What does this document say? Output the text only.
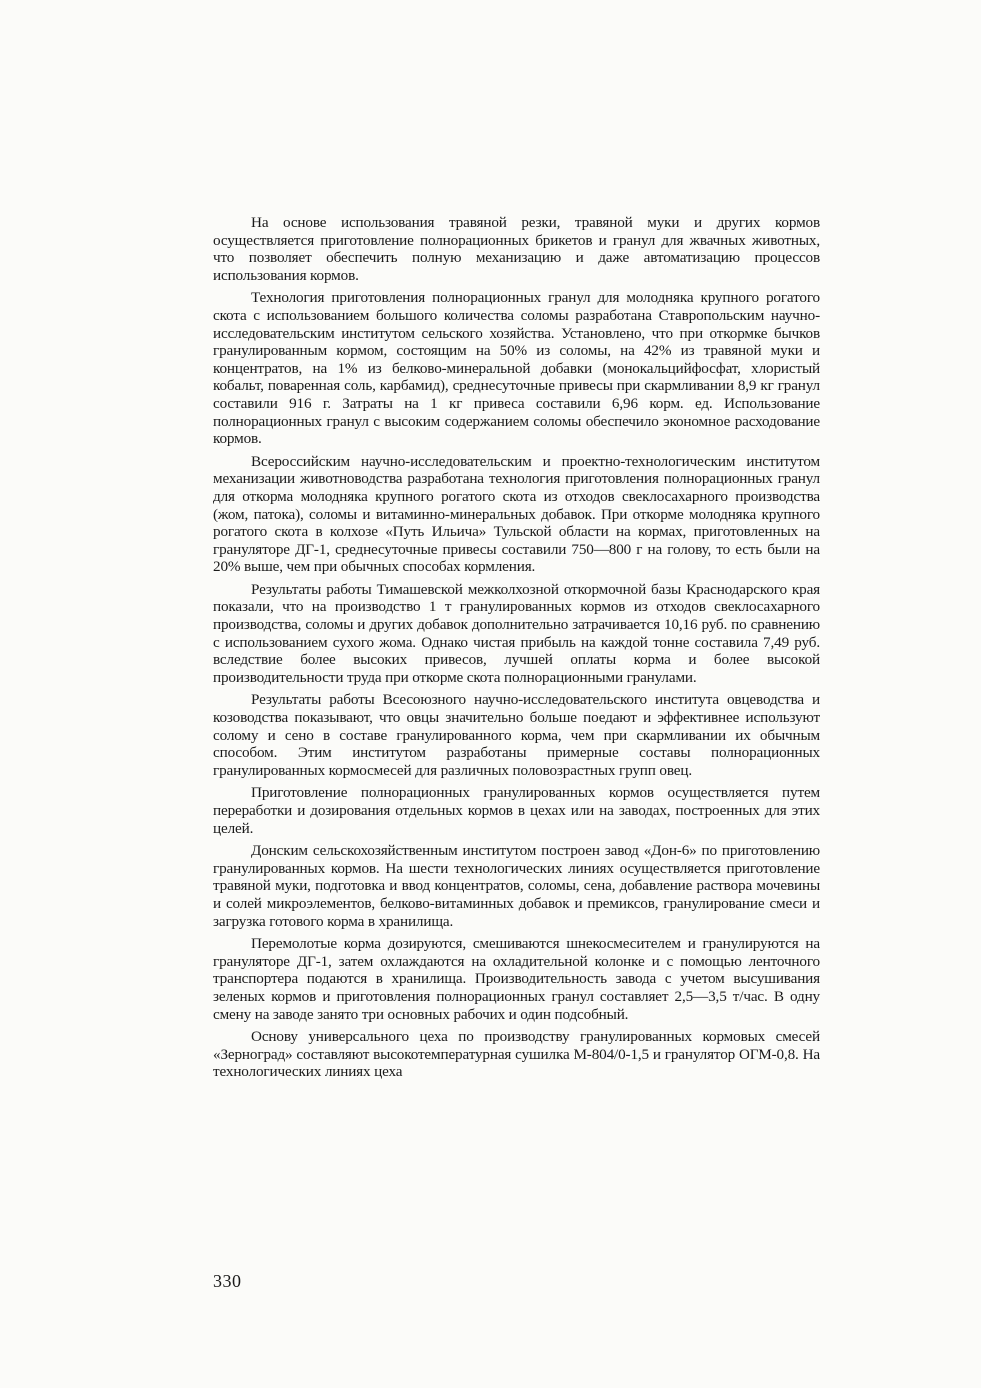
На основе использования травяной резки, травяной муки и других кормов осуществляется приготовление полнорационных брикетов и гранул для жвачных животных, что позволяет обеспечить полную механизацию и даже автоматизацию процессов использования кормов.

Технология приготовления полнорационных гранул для молодняка крупного рогатого скота с использованием большого количества соломы разработана Ставропольским научно-исследовательским институтом сельского хозяйства. Установлено, что при откормке бычков гранулированным кормом, состоящим на 50% из соломы, на 42% из травяной муки и концентратов, на 1% из белково-минеральной добавки (монокальцийфосфат, хлористый кобальт, поваренная соль, карбамид), среднесуточные привесы при скармливании 8,9 кг гранул составили 916 г. Затраты на 1 кг привеса составили 6,96 корм. ед. Использование полнорационных гранул с высоким содержанием соломы обеспечило экономное расходование кормов.

Всероссийским научно-исследовательским и проектно-технологическим институтом механизации животноводства разработана технология приготовления полнорационных гранул для откорма молодняка крупного рогатого скота из отходов свеклосахарного производства (жом, патока), соломы и витаминно-минеральных добавок. При откорме молодняка крупного рогатого скота в колхозе «Путь Ильича» Тульской области на кормах, приготовленных на грануляторе ДГ-1, среднесуточные привесы составили 750—800 г на голову, то есть были на 20% выше, чем при обычных способах кормления.

Результаты работы Тимашевской межколхозной откормочной базы Краснодарского края показали, что на производство 1 т гранулированных кормов из отходов свеклосахарного производства, соломы и других добавок дополнительно затрачивается 10,16 руб. по сравнению с использованием сухого жома. Однако чистая прибыль на каждой тонне составила 7,49 руб. вследствие более высоких привесов, лучшей оплаты корма и более высокой производительности труда при откорме скота полнорационными гранулами.

Результаты работы Всесоюзного научно-исследовательского института овцеводства и козоводства показывают, что овцы значительно больше поедают и эффективнее используют солому и сено в составе гранулированного корма, чем при скармливании их обычным способом. Этим институтом разработаны примерные составы полнорационных гранулированных кормосмесей для различных половозрастных групп овец.

Приготовление полнорационных гранулированных кормов осуществляется путем переработки и дозирования отдельных кормов в цехах или на заводах, построенных для этих целей.

Донским сельскохозяйственным институтом построен завод «Дон-6» по приготовлению гранулированных кормов. На шести технологических линиях осуществляется приготовление травяной муки, подготовка и ввод концентратов, соломы, сена, добавление раствора мочевины и солей микроэлементов, белково-витаминных добавок и премиксов, гранулирование смеси и загрузка готового корма в хранилища.

Перемолотые корма дозируются, смешиваются шнекосмесителем и гранулируются на грануляторе ДГ-1, затем охлаждаются на охладительной колонке и с помощью ленточного транспортера подаются в хранилища. Производительность завода с учетом высушивания зеленых кормов и приготовления полнорационных гранул составляет 2,5—3,5 т/час. В одну смену на заводе занято три основных рабочих и один подсобный.

Основу универсального цеха по производству гранулированных кормовых смесей «Зерноград» составляют высокотемпературная сушилка М-804/0-1,5 и гранулятор ОГМ-0,8. На технологических линиях цеха

330
